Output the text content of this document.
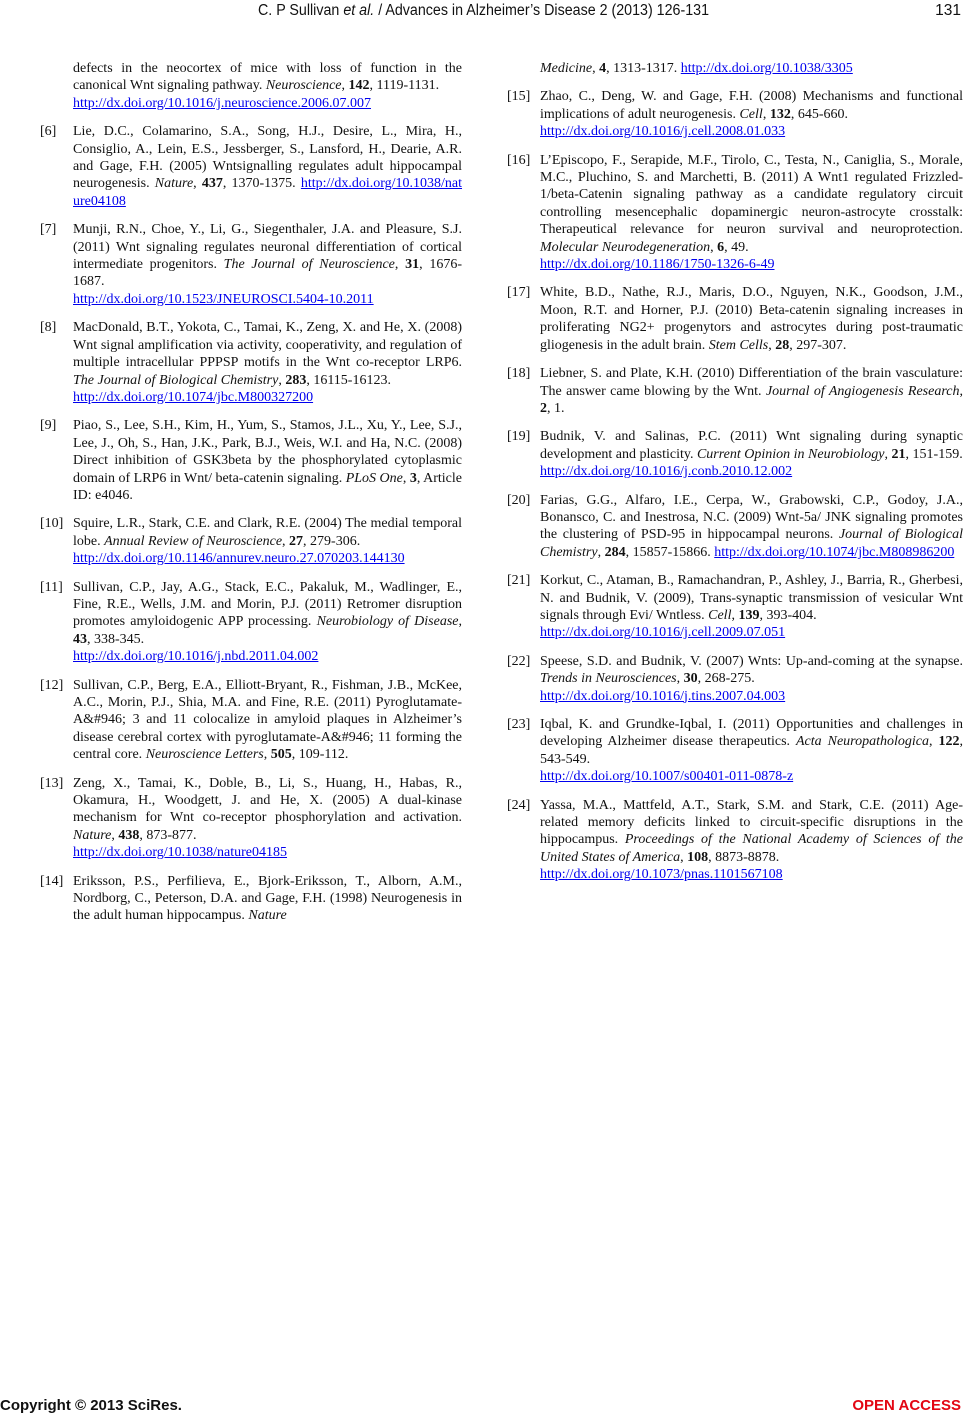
C. P Sullivan et al. / Advances in Alzheimer’s Disease 2 (2013) 126-131	131
defects in the neocortex of mice with loss of function in the canonical Wnt signaling pathway. Neuroscience, 142, 1119-1131.
http://dx.doi.org/10.1016/j.neuroscience.2006.07.007
[6] Lie, D.C., Colamarino, S.A., Song, H.J., Desire, L., Mira, H., Consiglio, A., Lein, E.S., Jessberger, S., Lansford, H., Dearie, A.R. and Gage, F.H. (2005) Wntsignalling regulates adult hippocampal neurogenesis. Nature, 437, 1370-1375. http://dx.doi.org/10.1038/nature04108
[7] Munji, R.N., Choe, Y., Li, G., Siegenthaler, J.A. and Pleasure, S.J. (2011) Wnt signaling regulates neuronal differentiation of cortical intermediate progenitors. The Journal of Neuroscience, 31, 1676-1687.
http://dx.doi.org/10.1523/JNEUROSCI.5404-10.2011
[8] MacDonald, B.T., Yokota, C., Tamai, K., Zeng, X. and He, X. (2008) Wnt signal amplification via activity, cooperativity, and regulation of multiple intracellular PPPSP motifs in the Wnt co-receptor LRP6. The Journal of Biological Chemistry, 283, 16115-16123.
http://dx.doi.org/10.1074/jbc.M800327200
[9] Piao, S., Lee, S.H., Kim, H., Yum, S., Stamos, J.L., Xu, Y., Lee, S.J., Lee, J., Oh, S., Han, J.K., Park, B.J., Weis, W.I. and Ha, N.C. (2008) Direct inhibition of GSK3beta by the phosphorylated cytoplasmic domain of LRP6 in Wnt/ beta-catenin signaling. PLoS One, 3, Article ID: e4046.
[10] Squire, L.R., Stark, C.E. and Clark, R.E. (2004) The medial temporal lobe. Annual Review of Neuroscience, 27, 279-306.
http://dx.doi.org/10.1146/annurev.neuro.27.070203.144130
[11] Sullivan, C.P., Jay, A.G., Stack, E.C., Pakaluk, M., Wadlinger, E., Fine, R.E., Wells, J.M. and Morin, P.J. (2011) Retromer disruption promotes amyloidogenic APP processing. Neurobiology of Disease, 43, 338-345.
http://dx.doi.org/10.1016/j.nbd.2011.04.002
[12] Sullivan, C.P., Berg, E.A., Elliott-Bryant, R., Fishman, J.B., McKee, A.C., Morin, P.J., Shia, M.A. and Fine, R.E. (2011) Pyroglutamate-A&#946; 3 and 11 colocalize in amyloid plaques in Alzheimer’s disease cerebral cortex with pyroglutamate-A&#946; 11 forming the central core. Neuroscience Letters, 505, 109-112.
[13] Zeng, X., Tamai, K., Doble, B., Li, S., Huang, H., Habas, R., Okamura, H., Woodgett, J. and He, X. (2005) A dual-kinase mechanism for Wnt co-receptor phosphorylation and activation. Nature, 438, 873-877.
http://dx.doi.org/10.1038/nature04185
[14] Eriksson, P.S., Perfilieva, E., Bjork-Eriksson, T., Alborn, A.M., Nordborg, C., Peterson, D.A. and Gage, F.H. (1998) Neurogenesis in the adult human hippocampus. Nature
Medicine, 4, 1313-1317. http://dx.doi.org/10.1038/3305
[15] Zhao, C., Deng, W. and Gage, F.H. (2008) Mechanisms and functional implications of adult neurogenesis. Cell, 132, 645-660.
http://dx.doi.org/10.1016/j.cell.2008.01.033
[16] L’Episcopo, F., Serapide, M.F., Tirolo, C., Testa, N., Caniglia, S., Morale, M.C., Pluchino, S. and Marchetti, B. (2011) A Wnt1 regulated Frizzled-1/beta-Catenin signaling pathway as a candidate regulatory circuit controlling mesencephalic dopaminergic neuron-astrocyte crosstalk: Therapeutical relevance for neuron survival and neuroprotection. Molecular Neurodegeneration, 6, 49.
http://dx.doi.org/10.1186/1750-1326-6-49
[17] White, B.D., Nathe, R.J., Maris, D.O., Nguyen, N.K., Goodson, J.M., Moon, R.T. and Horner, P.J. (2010) Beta-catenin signaling increases in proliferating NG2+ progenytors and astrocytes during post-traumatic gliogenesis in the adult brain. Stem Cells, 28, 297-307.
[18] Liebner, S. and Plate, K.H. (2010) Differentiation of the brain vasculature: The answer came blowing by the Wnt. Journal of Angiogenesis Research, 2, 1.
[19] Budnik, V. and Salinas, P.C. (2011) Wnt signaling during synaptic development and plasticity. Current Opinion in Neurobiology, 21, 151-159.
http://dx.doi.org/10.1016/j.conb.2010.12.002
[20] Farias, G.G., Alfaro, I.E., Cerpa, W., Grabowski, C.P., Godoy, J.A., Bonansco, C. and Inestrosa, N.C. (2009) Wnt-5a/ JNK signaling promotes the clustering of PSD-95 in hippocampal neurons. Journal of Biological Chemistry, 284, 15857-15866. http://dx.doi.org/10.1074/jbc.M808986200
[21] Korkut, C., Ataman, B., Ramachandran, P., Ashley, J., Barria, R., Gherbesi, N. and Budnik, V. (2009), Trans-synaptic transmission of vesicular Wnt signals through Evi/ Wntless. Cell, 139, 393-404.
http://dx.doi.org/10.1016/j.cell.2009.07.051
[22] Speese, S.D. and Budnik, V. (2007) Wnts: Up-and-coming at the synapse. Trends in Neurosciences, 30, 268-275.
http://dx.doi.org/10.1016/j.tins.2007.04.003
[23] Iqbal, K. and Grundke-Iqbal, I. (2011) Opportunities and challenges in developing Alzheimer disease therapeutics. Acta Neuropathologica, 122, 543-549.
http://dx.doi.org/10.1007/s00401-011-0878-z
[24] Yassa, M.A., Mattfeld, A.T., Stark, S.M. and Stark, C.E. (2011) Age-related memory deficits linked to circuit-specific disruptions in the hippocampus. Proceedings of the National Academy of Sciences of the United States of America, 108, 8873-8878.
http://dx.doi.org/10.1073/pnas.1101567108
Copyright © 2013 SciRes.	OPEN ACCESS
